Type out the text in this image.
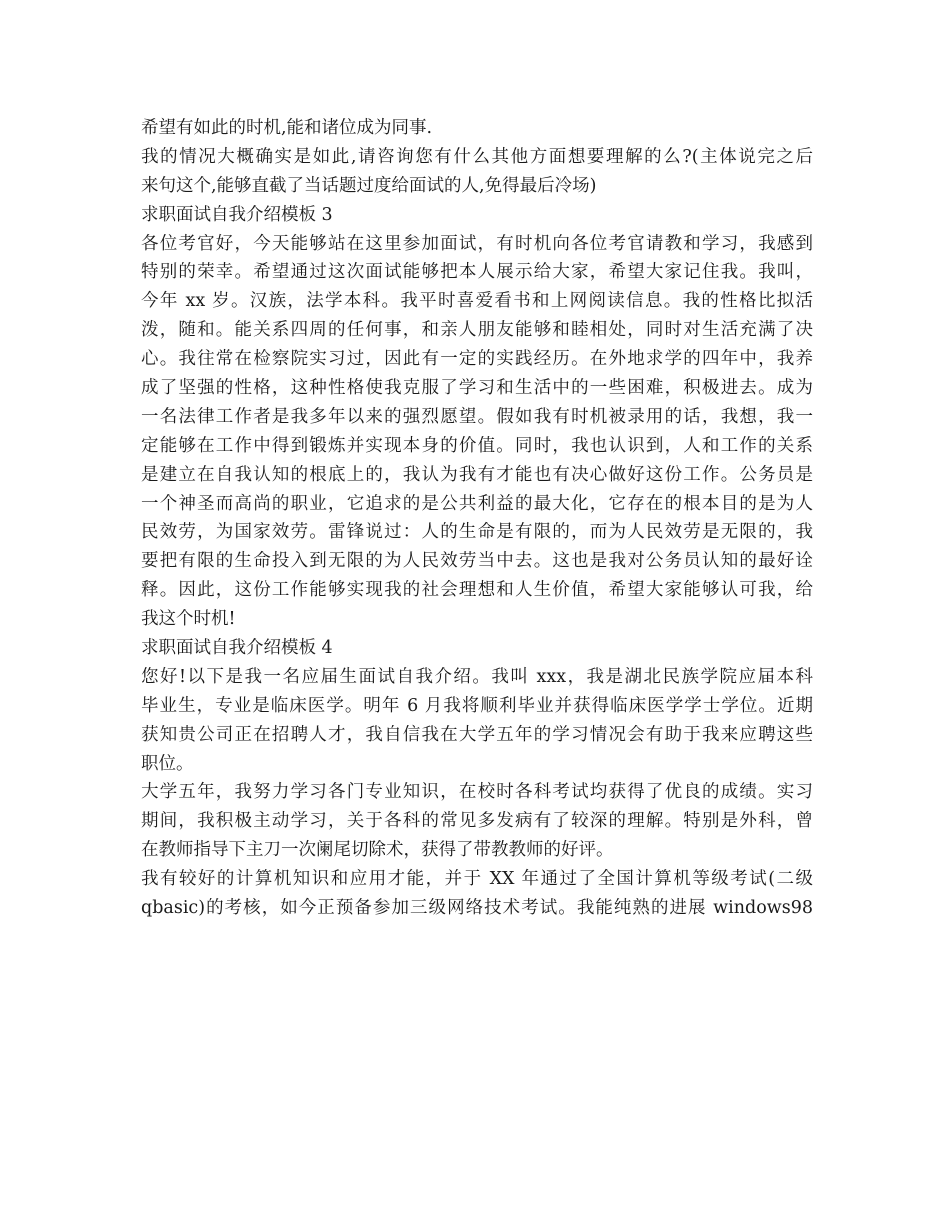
希望有如此的时机,能和诸位成为同事.
我的情况大概确实是如此,请咨询您有什么其他方面想要理解的么?(主体说完之后
来句这个,能够直截了当话题过度给面试的人,免得最后冷场)
求职面试自我介绍模板 3
各位考官好，今天能够站在这里参加面试，有时机向各位考官请教和学习，我感到
特别的荣幸。希望通过这次面试能够把本人展示给大家，希望大家记住我。我叫，
今年 xx 岁。汉族，法学本科。我平时喜爱看书和上网阅读信息。我的性格比拟活
泼，随和。能关系四周的任何事，和亲人朋友能够和睦相处，同时对生活充满了决
心。我往常在检察院实习过，因此有一定的实践经历。在外地求学的四年中，我养
成了坚强的性格，这种性格使我克服了学习和生活中的一些困难，积极进去。成为
一名法律工作者是我多年以来的强烈愿望。假如我有时机被录用的话，我想，我一
定能够在工作中得到锻炼并实现本身的价值。同时，我也认识到，人和工作的关系
是建立在自我认知的根底上的，我认为我有才能也有决心做好这份工作。公务员是
一个神圣而高尚的职业，它追求的是公共利益的最大化，它存在的根本目的是为人
民效劳，为国家效劳。雷锋说过：人的生命是有限的，而为人民效劳是无限的，我
要把有限的生命投入到无限的为人民效劳当中去。这也是我对公务员认知的最好诠
释。因此，这份工作能够实现我的社会理想和人生价值，希望大家能够认可我，给
我这个时机!
求职面试自我介绍模板 4
您好!以下是我一名应届生面试自我介绍。我叫 xxx，我是湖北民族学院应届本科
毕业生，专业是临床医学。明年 6 月我将顺利毕业并获得临床医学学士学位。近期
获知贵公司正在招聘人才，我自信我在大学五年的学习情况会有助于我来应聘这些
职位。
大学五年，我努力学习各门专业知识，在校时各科考试均获得了优良的成绩。实习
期间，我积极主动学习，关于各科的常见多发病有了较深的理解。特别是外科，曾
在教师指导下主刀一次阑尾切除术，获得了带教教师的好评。
我有较好的计算机知识和应用才能，并于 XX 年通过了全国计算机等级考试(二级
qbasic)的考核，如今正预备参加三级网络技术考试。我能纯熟的进展 windows98
